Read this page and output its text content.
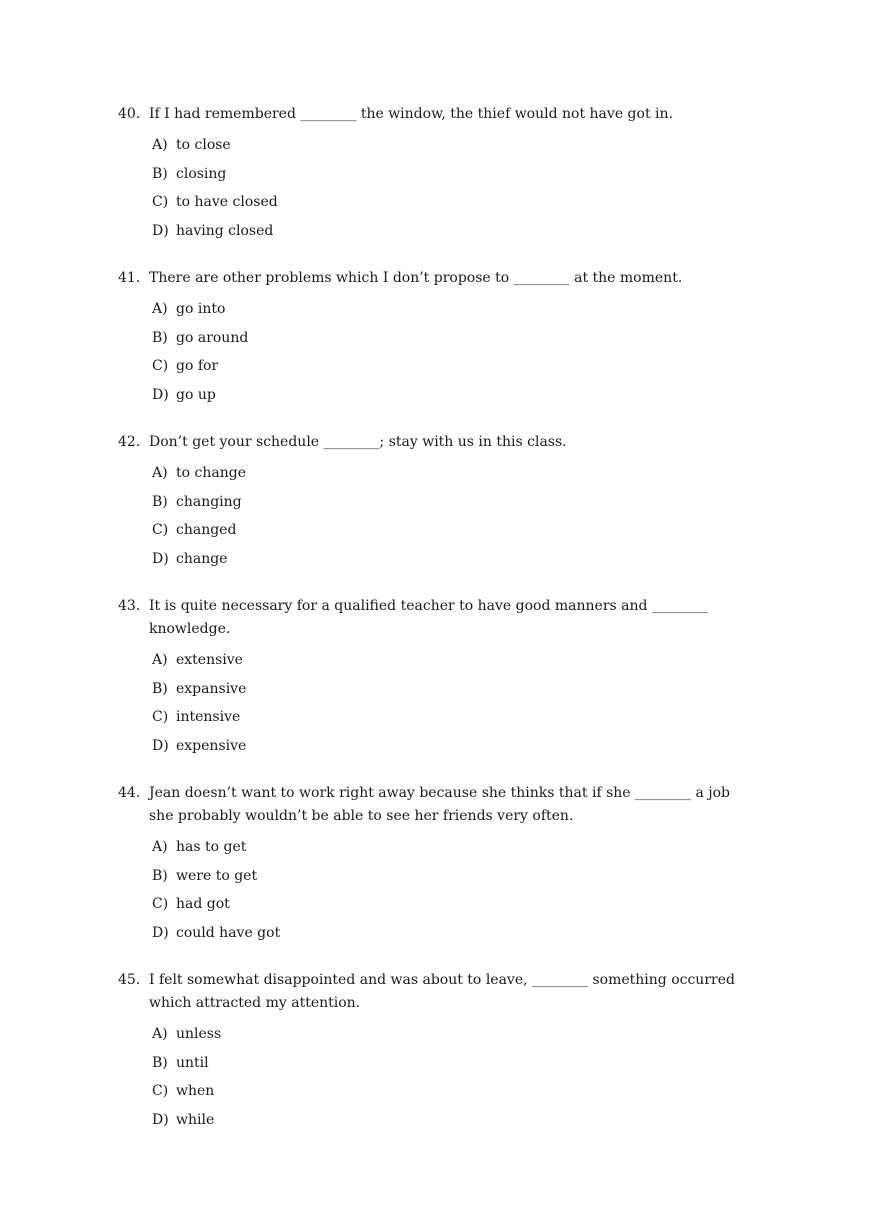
40. If I had remembered ________ the window, the thief would not have got in.
A) to close
B) closing
C) to have closed
D) having closed
41. There are other problems which I don’t propose to ________ at the moment.
A) go into
B) go around
C) go for
D) go up
42. Don’t get your schedule ________; stay with us in this class.
A) to change
B) changing
C) changed
D) change
43. It is quite necessary for a qualified teacher to have good manners and ________ knowledge.
A) extensive
B) expansive
C) intensive
D) expensive
44. Jean doesn’t want to work right away because she thinks that if she ________ a job she probably wouldn’t be able to see her friends very often.
A) has to get
B) were to get
C) had got
D) could have got
45. I felt somewhat disappointed and was about to leave, ________ something occurred which attracted my attention.
A) unless
B) until
C) when
D) while
